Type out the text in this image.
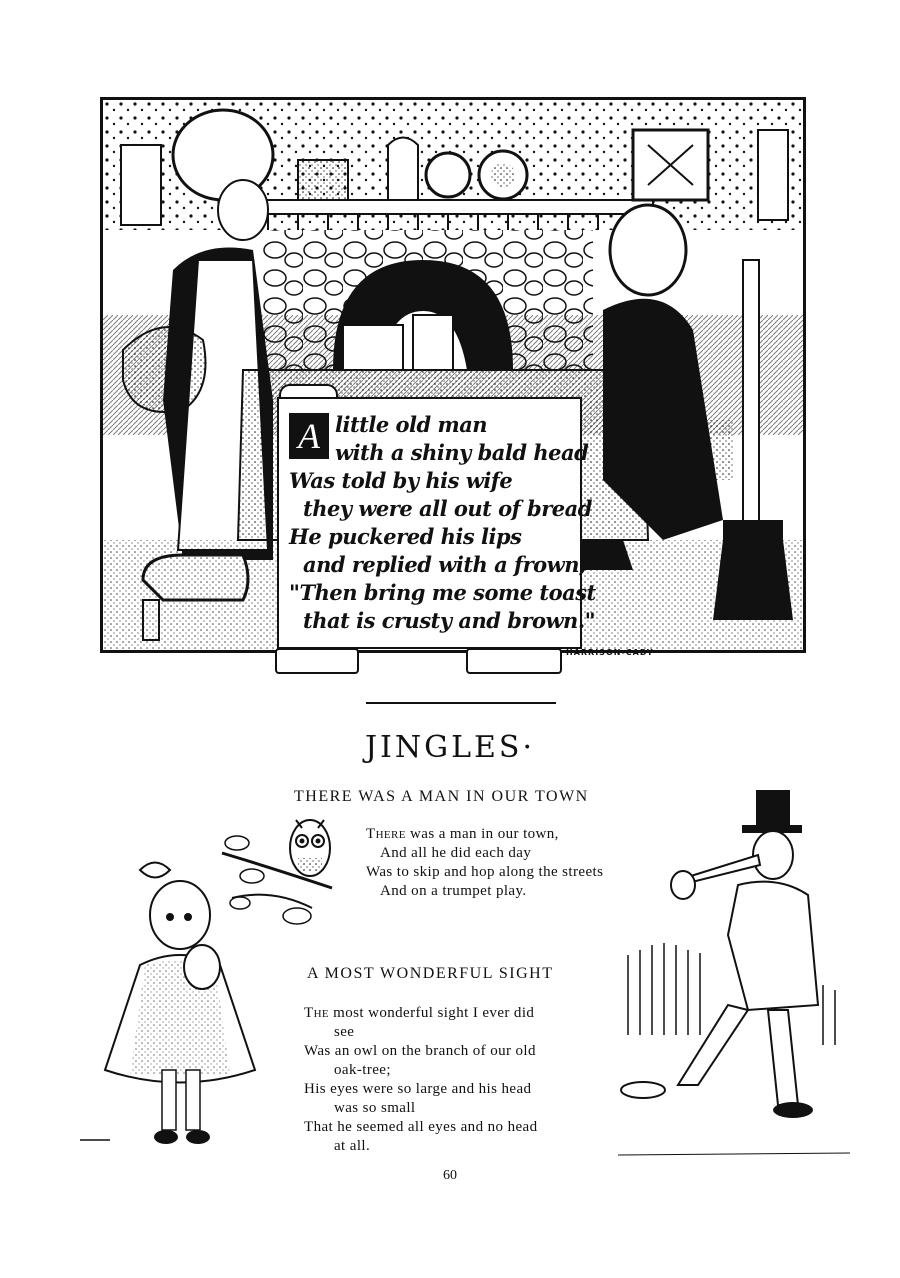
A little old man
with a shiny bald head
Was told by his wife
they were all out of bread
He puckered his lips
and replied with a frown,
"Then bring me some toast
that is crusty and brown."
HARRISON-CADY·
JINGLES·
THERE WAS A MAN IN OUR TOWN
There was a man in our town,
And all he did each day
Was to skip and hop along the streets
And on a trumpet play.
A MOST WONDERFUL SIGHT
The most wonderful sight I ever did
see
Was an owl on the branch of our old
oak-tree;
His eyes were so large and his head
was so small
That he seemed all eyes and no head
at all.
60
